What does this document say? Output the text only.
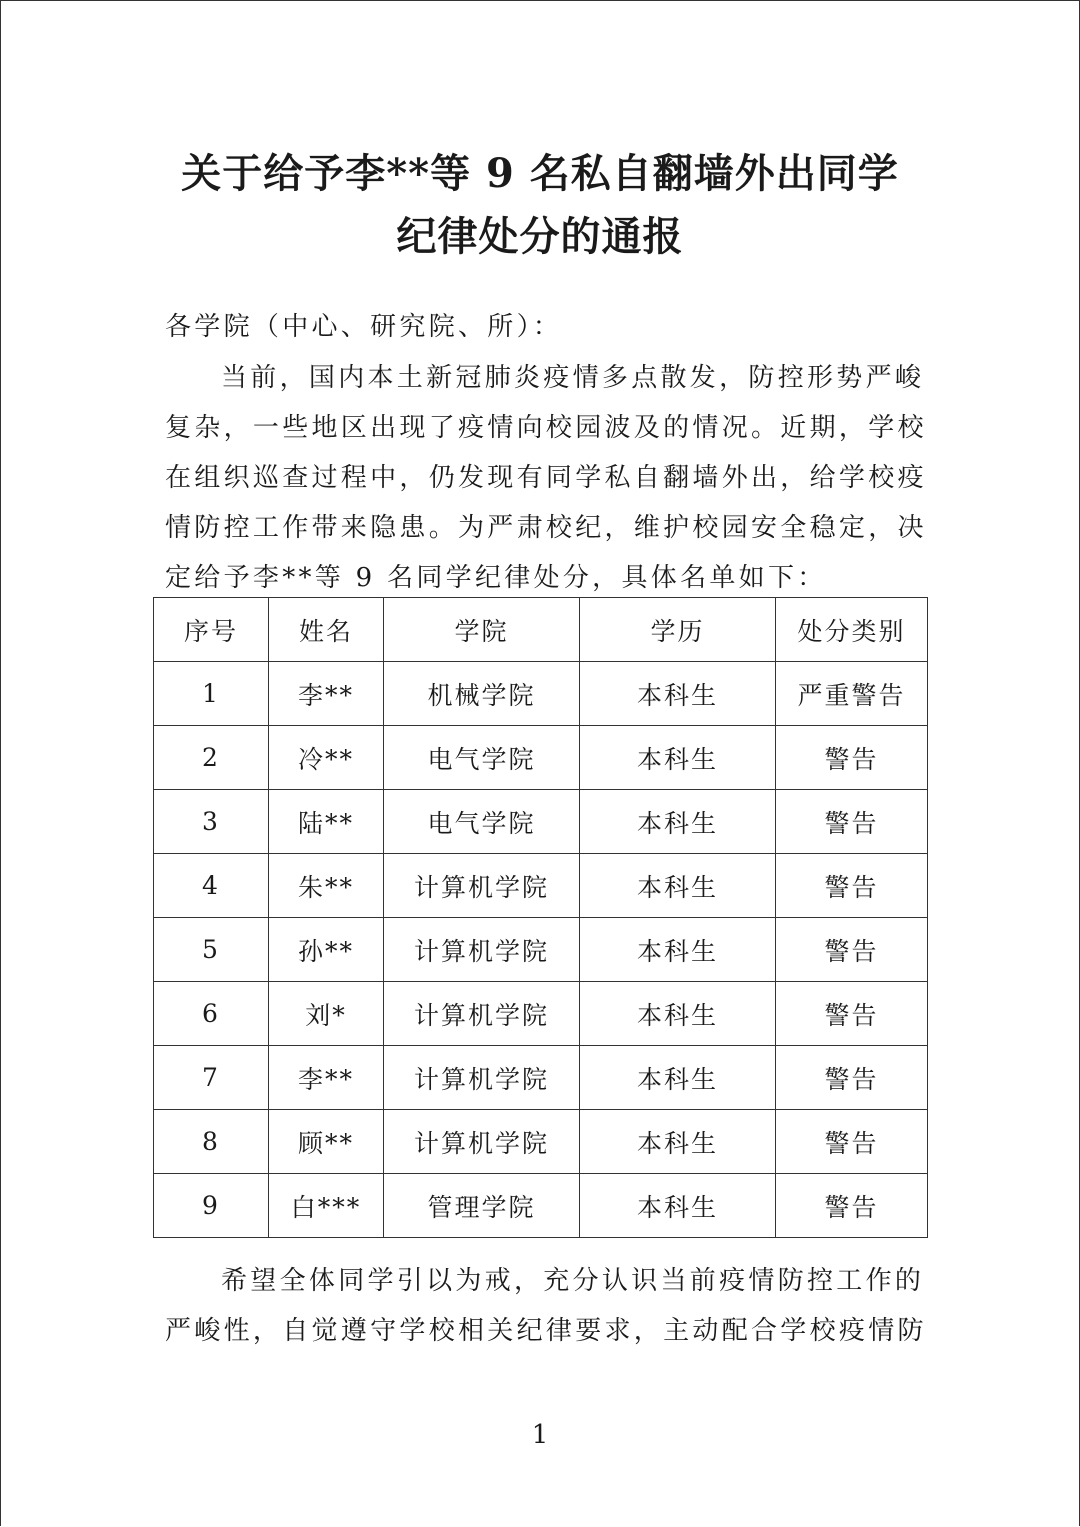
关于给予李**等 9 名私自翻墙外出同学
纪律处分的通报
各学院（中心、研究院、所）：
当前，国内本土新冠肺炎疫情多点散发，防控形势严峻
复杂，一些地区出现了疫情向校园波及的情况。近期，学校
在组织巡查过程中，仍发现有同学私自翻墙外出，给学校疫
情防控工作带来隐患。为严肃校纪，维护校园安全稳定，决
定给予李**等 9 名同学纪律处分，具体名单如下：
序号	姓名	学院	学历	处分类别
1	李**	机械学院	本科生	严重警告
2	冷**	电气学院	本科生	警告
3	陆**	电气学院	本科生	警告
4	朱**	计算机学院	本科生	警告
5	孙**	计算机学院	本科生	警告
6	刘*	计算机学院	本科生	警告
7	李**	计算机学院	本科生	警告
8	顾**	计算机学院	本科生	警告
9	白***	管理学院	本科生	警告
希望全体同学引以为戒，充分认识当前疫情防控工作的
严峻性，自觉遵守学校相关纪律要求，主动配合学校疫情防
1
